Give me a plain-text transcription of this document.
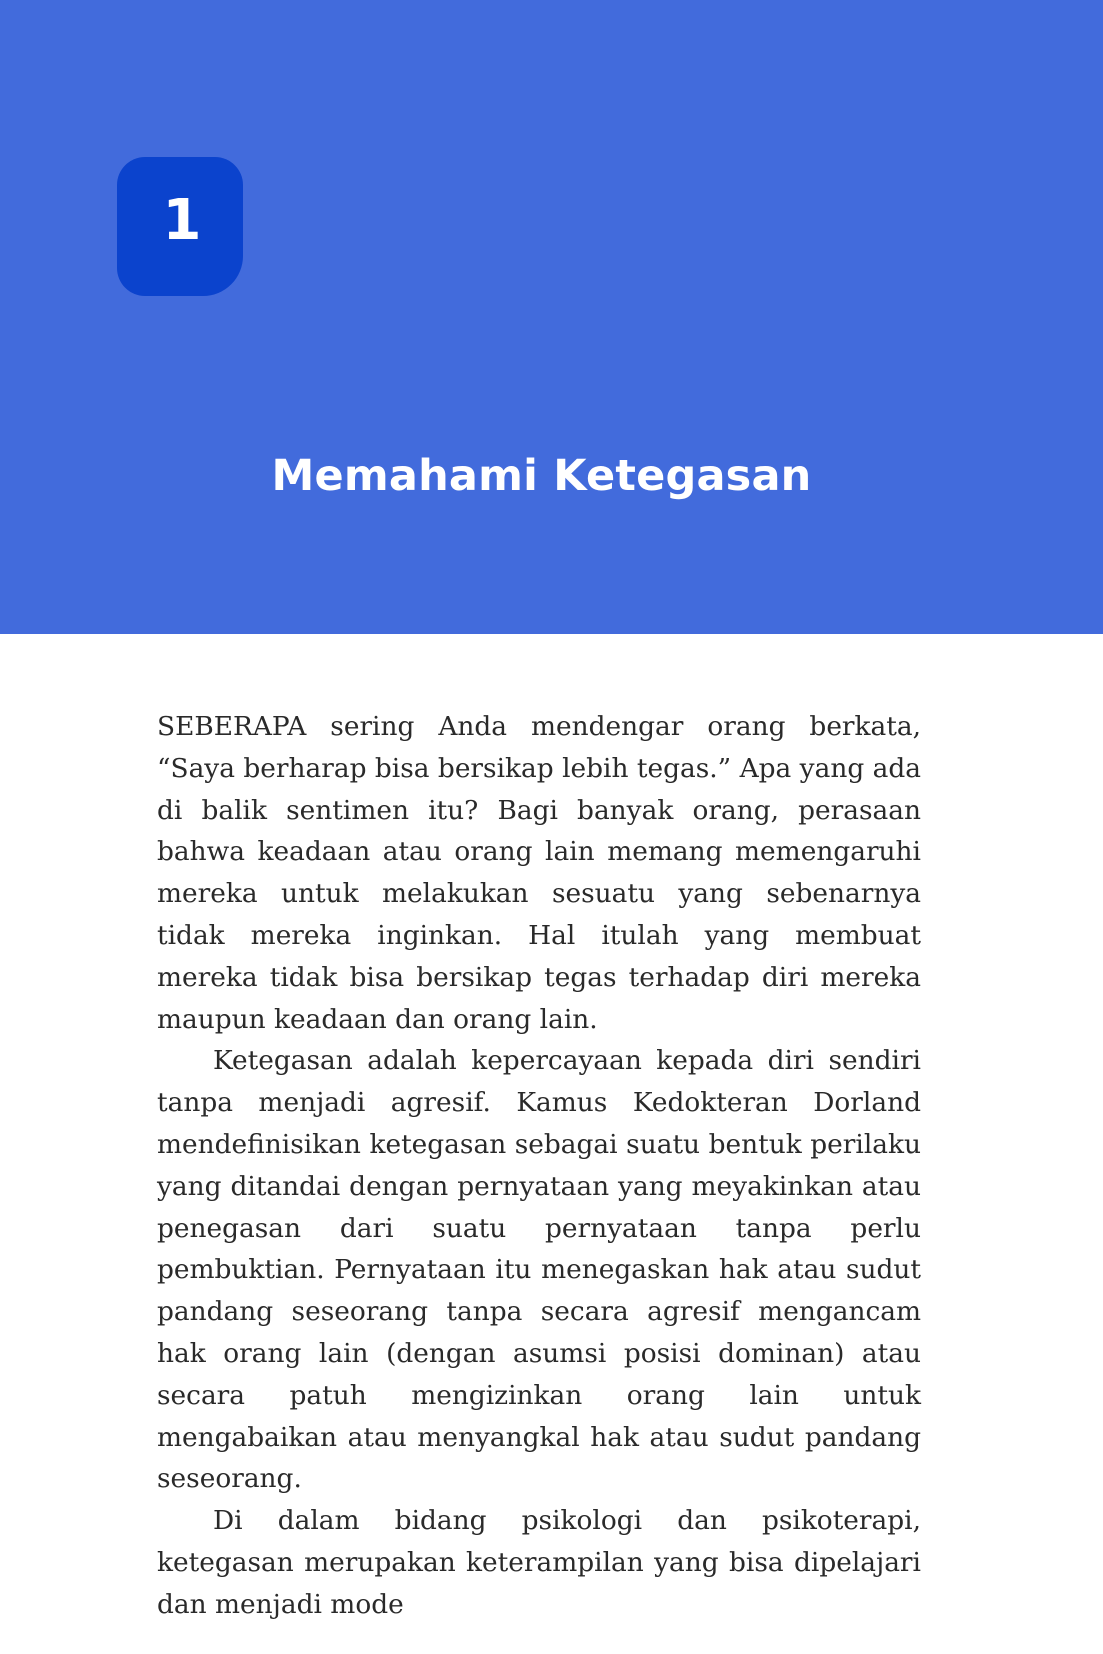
1
Memahami Ketegasan

SEBERAPA sering Anda mendengar orang berkata, “Saya berharap bisa bersikap lebih tegas.” Apa yang ada di balik sentimen itu? Bagi banyak orang, perasaan bahwa keadaan atau orang lain memang memengaruhi mereka untuk melakukan sesuatu yang sebenarnya tidak mereka inginkan. Hal itulah yang membuat mereka tidak bisa bersikap tegas terhadap diri mereka maupun keadaan dan orang lain.

Ketegasan adalah kepercayaan kepada diri sendiri tanpa menjadi agresif. Kamus Kedokteran Dorland mendefinisikan ketegasan sebagai suatu bentuk perilaku yang ditandai dengan pernyataan yang meyakinkan atau penegasan dari suatu pernyataan tanpa perlu pembuktian. Pernyataan itu menegaskan hak atau sudut pandang seseorang tanpa secara agresif mengancam hak orang lain (dengan asumsi posisi dominan) atau secara patuh mengizinkan orang lain untuk mengabaikan atau menyangkal hak atau sudut pandang seseorang.

Di dalam bidang psikologi dan psikoterapi, ketegasan merupakan keterampilan yang bisa dipelajari dan menjadi mode
